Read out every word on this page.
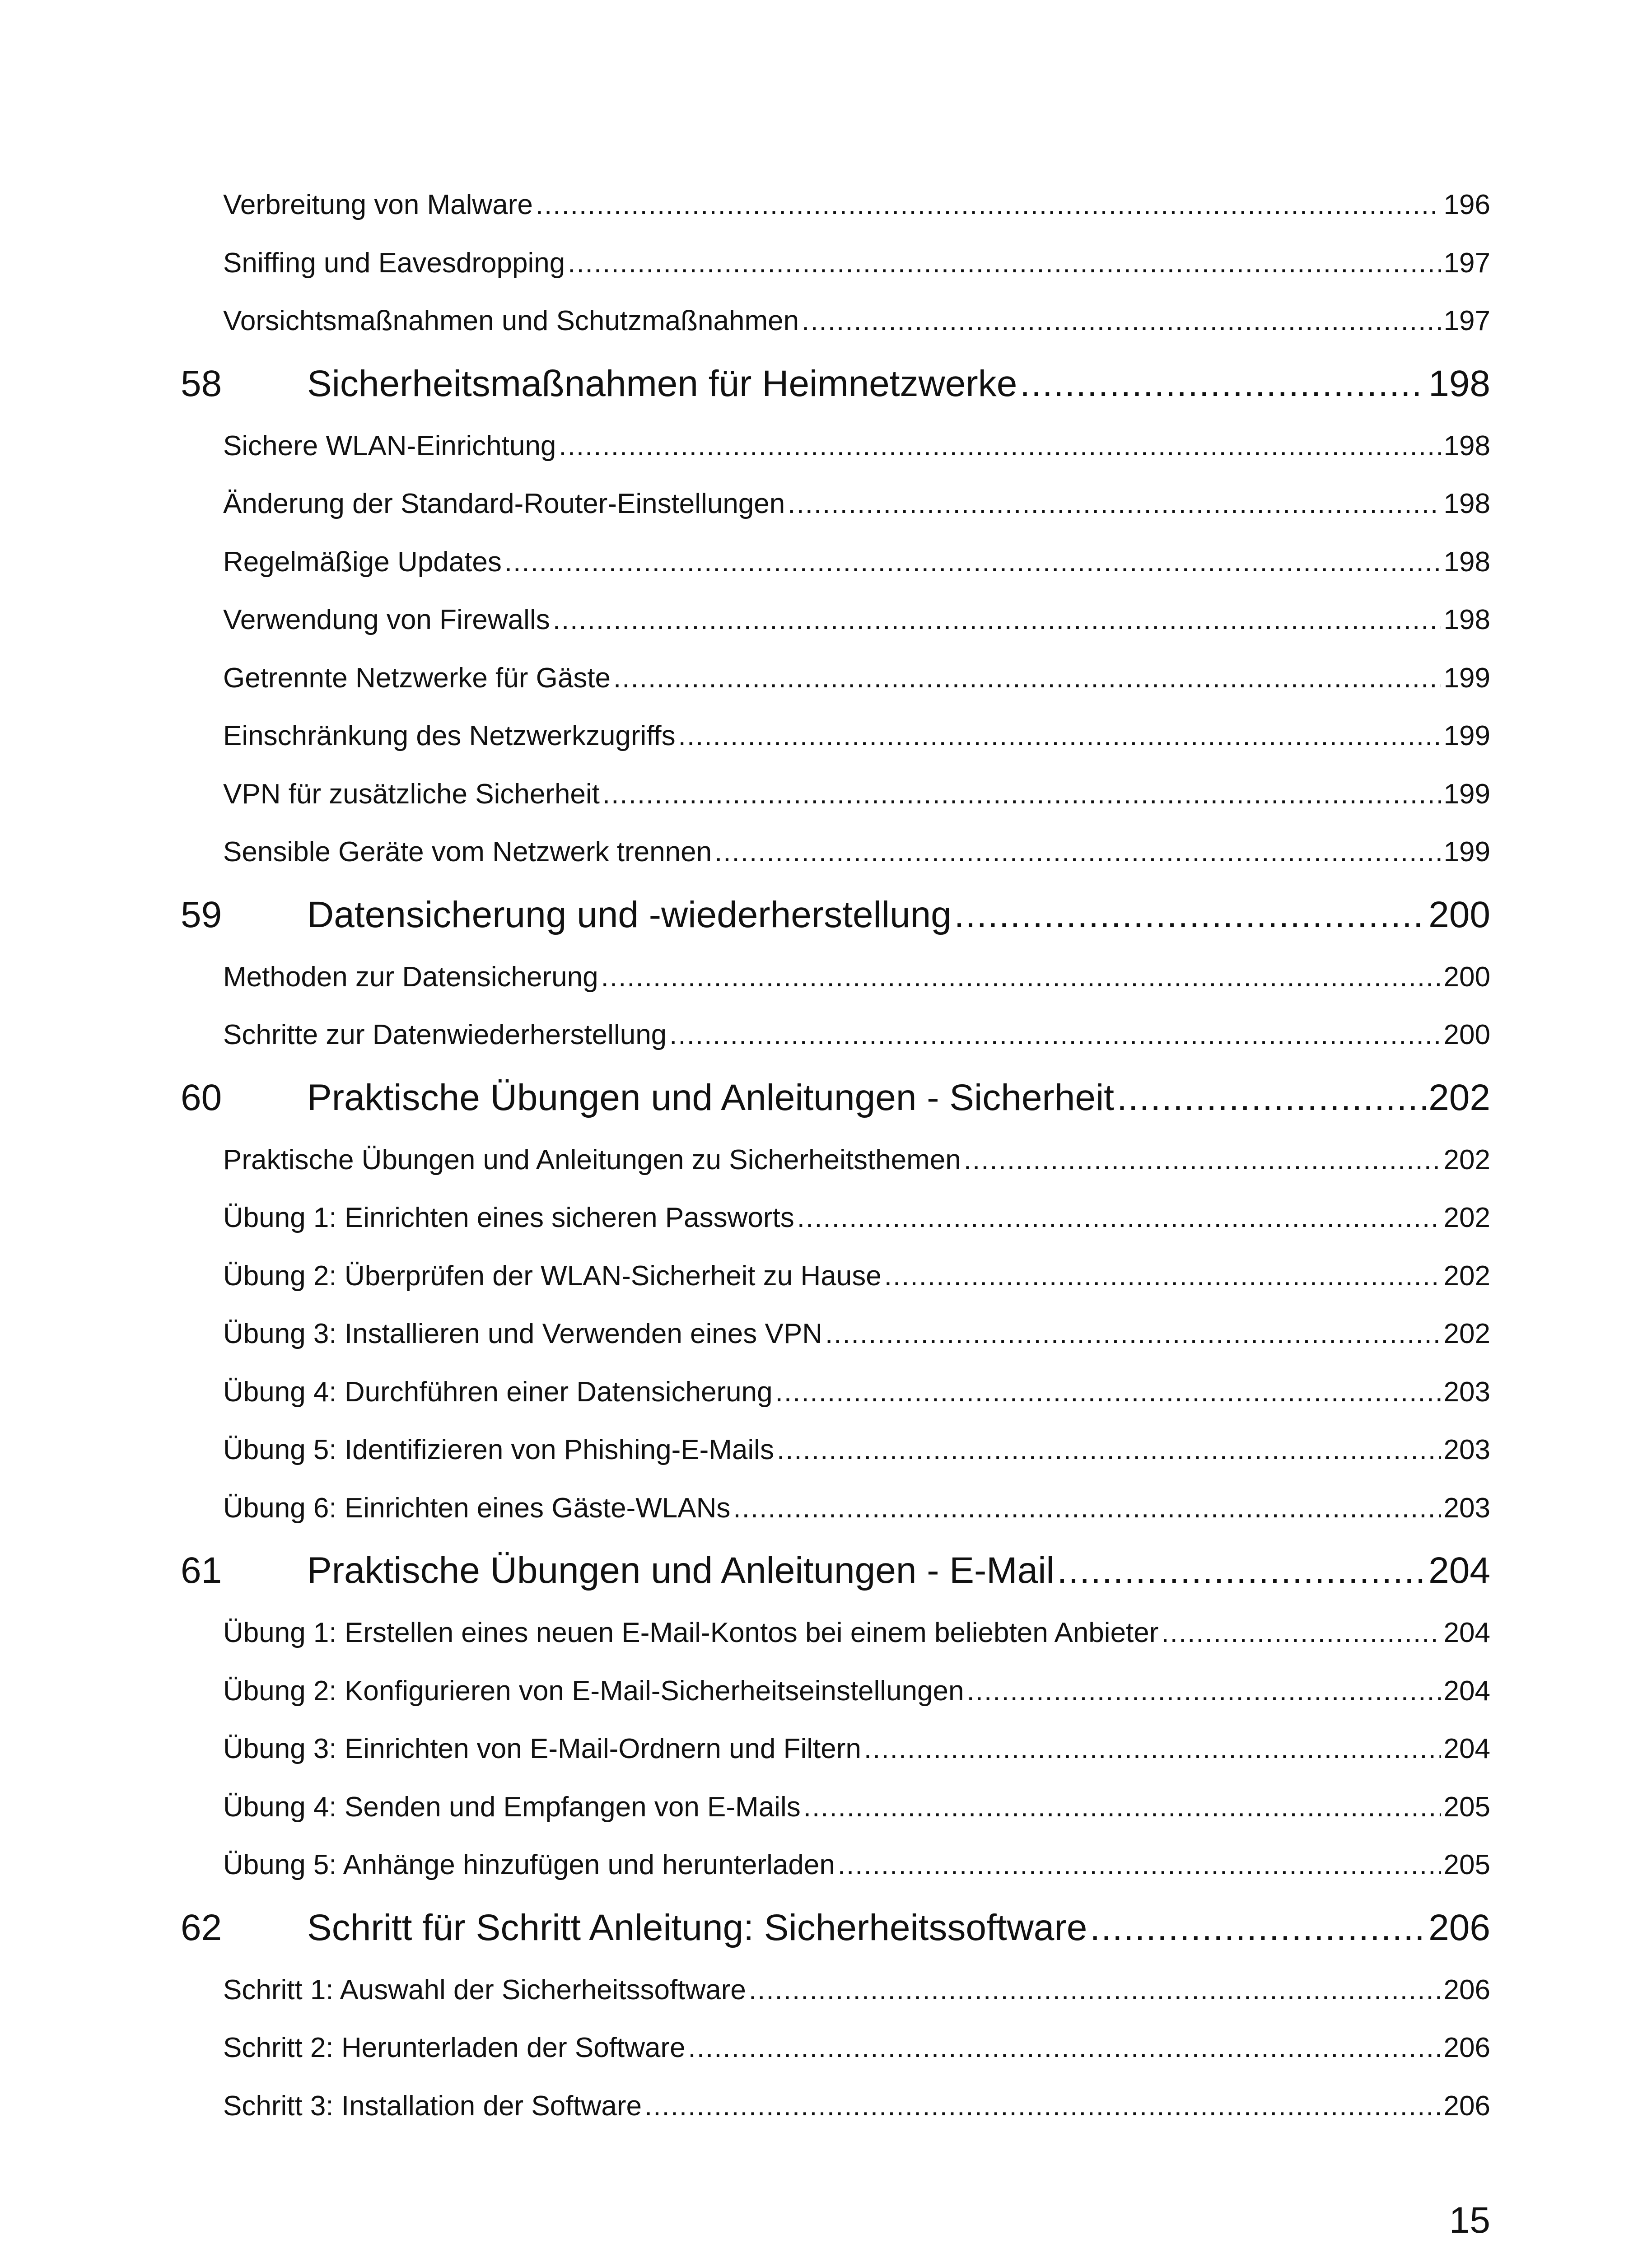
Verbreitung von Malware .....	196
Sniffing und Eavesdropping .....	197
Vorsichtsmaßnahmen und Schutzmaßnahmen .....	197
58	Sicherheitsmaßnahmen für Heimnetzwerke .....	198
Sichere WLAN-Einrichtung .....	198
Änderung der Standard-Router-Einstellungen .....	198
Regelmäßige Updates .....	198
Verwendung von Firewalls .....	198
Getrennte Netzwerke für Gäste .....	199
Einschränkung des Netzwerkzugriffs .....	199
VPN für zusätzliche Sicherheit .....	199
Sensible Geräte vom Netzwerk trennen .....	199
59	Datensicherung und -wiederherstellung .....	200
Methoden zur Datensicherung .....	200
Schritte zur Datenwiederherstellung .....	200
60	Praktische Übungen und Anleitungen - Sicherheit .....	202
Praktische Übungen und Anleitungen zu Sicherheitsthemen .....	202
Übung 1: Einrichten eines sicheren Passworts .....	202
Übung 2: Überprüfen der WLAN-Sicherheit zu Hause .....	202
Übung 3: Installieren und Verwenden eines VPN .....	202
Übung 4: Durchführen einer Datensicherung .....	203
Übung 5: Identifizieren von Phishing-E-Mails .....	203
Übung 6: Einrichten eines Gäste-WLANs .....	203
61	Praktische Übungen und Anleitungen - E-Mail .....	204
Übung 1: Erstellen eines neuen E-Mail-Kontos bei einem beliebten Anbieter .....	204
Übung 2: Konfigurieren von E-Mail-Sicherheitseinstellungen .....	204
Übung 3: Einrichten von E-Mail-Ordnern und Filtern .....	204
Übung 4: Senden und Empfangen von E-Mails .....	205
Übung 5: Anhänge hinzufügen und herunterladen .....	205
62	Schritt für Schritt Anleitung: Sicherheitssoftware .....	206
Schritt 1: Auswahl der Sicherheitssoftware .....	206
Schritt 2: Herunterladen der Software .....	206
Schritt 3: Installation der Software .....	206
15
